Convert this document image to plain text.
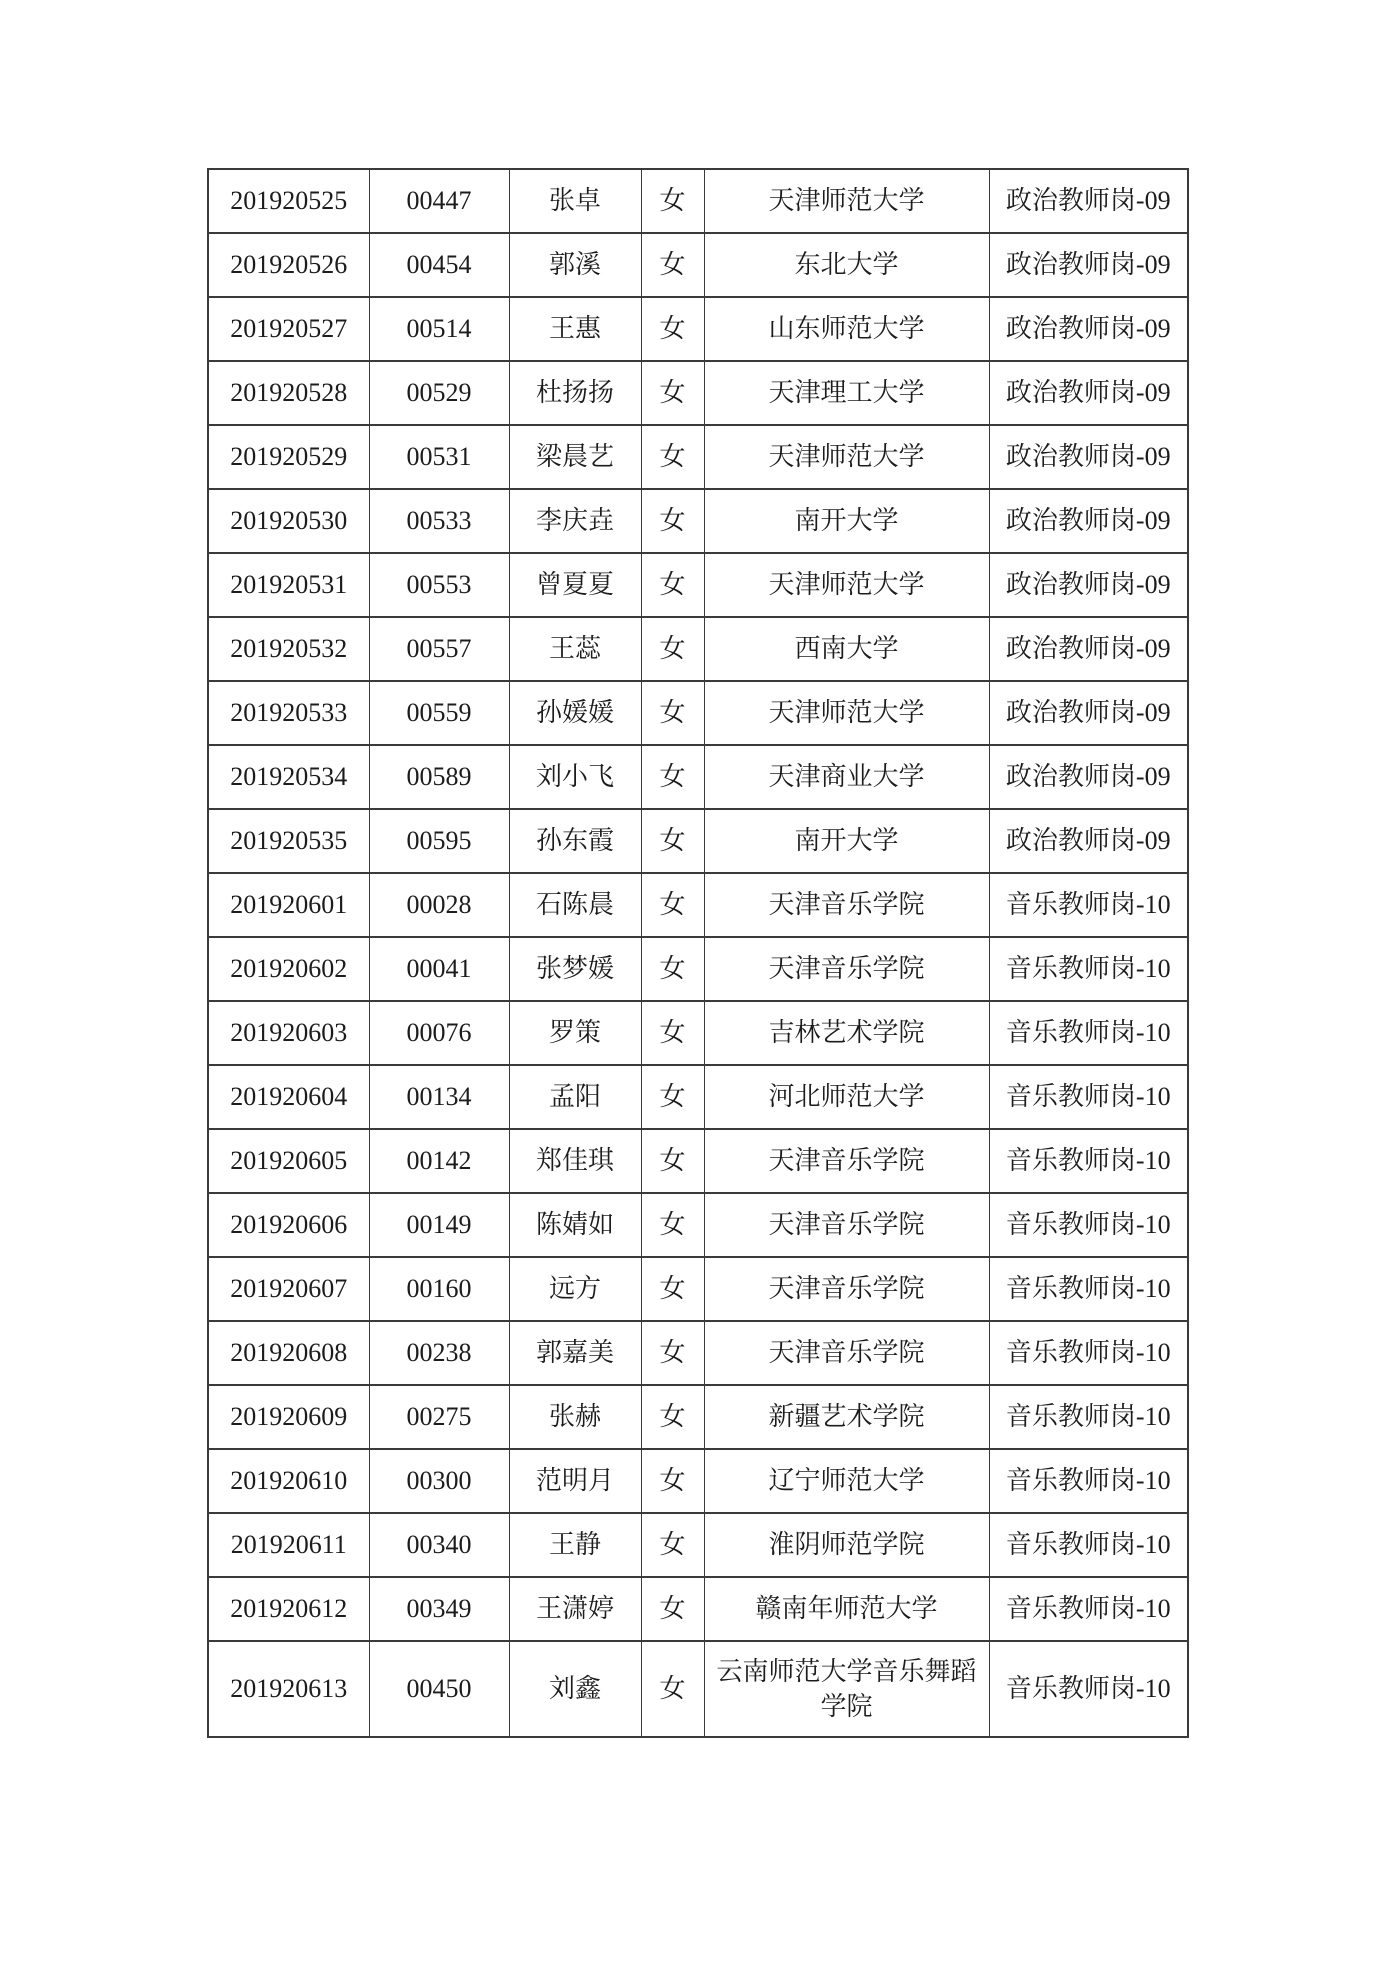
201920525	00447	张卓	女	天津师范大学	政治教师岗-09
201920526	00454	郭溪	女	东北大学	政治教师岗-09
201920527	00514	王惠	女	山东师范大学	政治教师岗-09
201920528	00529	杜扬扬	女	天津理工大学	政治教师岗-09
201920529	00531	梁晨艺	女	天津师范大学	政治教师岗-09
201920530	00533	李庆垚	女	南开大学	政治教师岗-09
201920531	00553	曾夏夏	女	天津师范大学	政治教师岗-09
201920532	00557	王蕊	女	西南大学	政治教师岗-09
201920533	00559	孙媛媛	女	天津师范大学	政治教师岗-09
201920534	00589	刘小飞	女	天津商业大学	政治教师岗-09
201920535	00595	孙东霞	女	南开大学	政治教师岗-09
201920601	00028	石陈晨	女	天津音乐学院	音乐教师岗-10
201920602	00041	张梦媛	女	天津音乐学院	音乐教师岗-10
201920603	00076	罗策	女	吉林艺术学院	音乐教师岗-10
201920604	00134	孟阳	女	河北师范大学	音乐教师岗-10
201920605	00142	郑佳琪	女	天津音乐学院	音乐教师岗-10
201920606	00149	陈婧如	女	天津音乐学院	音乐教师岗-10
201920607	00160	远方	女	天津音乐学院	音乐教师岗-10
201920608	00238	郭嘉美	女	天津音乐学院	音乐教师岗-10
201920609	00275	张赫	女	新疆艺术学院	音乐教师岗-10
201920610	00300	范明月	女	辽宁师范大学	音乐教师岗-10
201920611	00340	王静	女	淮阴师范学院	音乐教师岗-10
201920612	00349	王潇婷	女	赣南年师范大学	音乐教师岗-10
201920613	00450	刘鑫	女	云南师范大学音乐舞蹈学院	音乐教师岗-10
